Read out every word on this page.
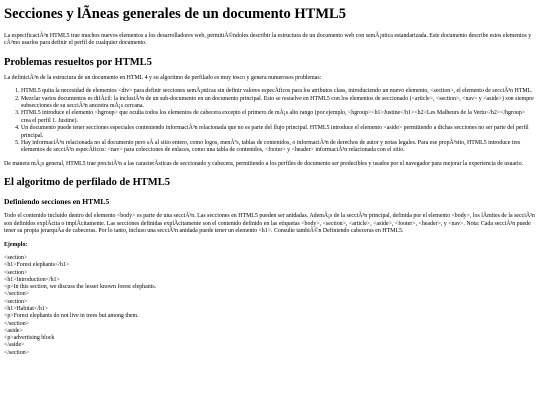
Secciones y lÃneas generales de un documento HTML5

La especificaciÃ³n HTML5 trae muchos nuevos elementos a los desarrolladores web, permitiÃ©ndoles describir la estructura de un documento web con semÃ¡ntica estandarizada. Este documento describe estos elementos y cÃ³mo usarlos para definir el perfil de cualquier documento.

Problemas resueltos por HTML5

La definiciÃ³n de la estructura de un documento en HTML 4 y su algoritmo de perfilado es muy tosco y genera numerosos problemas:

1. HTML5 quita la necesidad de elementos <div> para definir secciones semÃ¡nticas sin definir valores especÃficos para los atributos class, introduciendo un nuevo elemento, <section>, el elemento de secciÃ³n HTML.
2. Mezclar varios documentos es difÃcil: la inclusiÃ³n de un sub-documento en un documento principal. Esto se resuelve en HTML5 con los elementos de seccionado (<article>, <section>, <nav> y <aside>) son siempre subsecciones de su secciÃ³n ancestra mÃ¡s cercana.
3. HTML5 introduce el elemento <hgroup> que oculta todos los elementos de cabecera excepto el primero de mÃ¡s alto rango (por ejemplo, <hgroup><h1>Justine</h1><h2>Les Malheurs de la Vertu</h2></hgroup> crea el perfil 1. Justine).
4. Un documento puede tener secciones especiales conteniendo informaciÃ³n relacionada que no es parte del flujo principal. HTML5 introduce el elemento <aside> permitiendo a dichas secciones no ser parte del perfil principal.
5. Hay informaciÃ³n relacionada no al documento pero sÃ al sitio entero, como logos, menÃºs, tablas de contenidos, o informaciÃ³n de derechos de autor y notas legales. Para ese propÃ³sito, HTML5 introduce tres elementos de secciÃ³n especÃficos: <nav> para colecciones de enlaces, como una tabla de contenidos, <footer> y <header> informaciÃ³n relacionada con el sitio.

De manera mÃ¡s general, HTML5 trae precisiÃ³n a las caracterÃsticas de seccionado y cabecera, permitiendo a los perfiles de documento ser predecibles y usados por el navegador para mejorar la experiencia de usuario.

El algoritmo de perfilado de HTML5
Definiendo secciones en HTML5

Todo el contenido incluido dentro del elemento <body> es parte de una secciÃ³n. Las secciones en HTML5 pueden ser anidadas. AdemÃ¡s de la secciÃ³n principal, definida por el elemento <body>, los lÃmites de la secciÃ³n son definidos explÃcita o implÃcitamente. Las secciones definidas explÃcitamente son el contenido definido en las etiquetas <body>, <section>, <article>, <aside>, <footer>, <header>, y <nav>. Nota: Cada secciÃ³n puede tener su propia jerarquÃa de cabeceras. Por lo tanto, incluso una secciÃ³n anidada puede tener un elemento <h1>. Consulte tambiÃ©n Definiendo cabeceras en HTML5.

Ejemplo:

<section>
<h1>Forest elephants</h1>
<section>
<h1>Introduction</h1>
<p>In this section, we discuss the lesser known forest elephants.
</section>
<section>
<h1>Habitat</h1>
<p>Forest elephants do not live in trees but among them.
</section>
<aside>
<p>advertising block
</aside>
</section>
